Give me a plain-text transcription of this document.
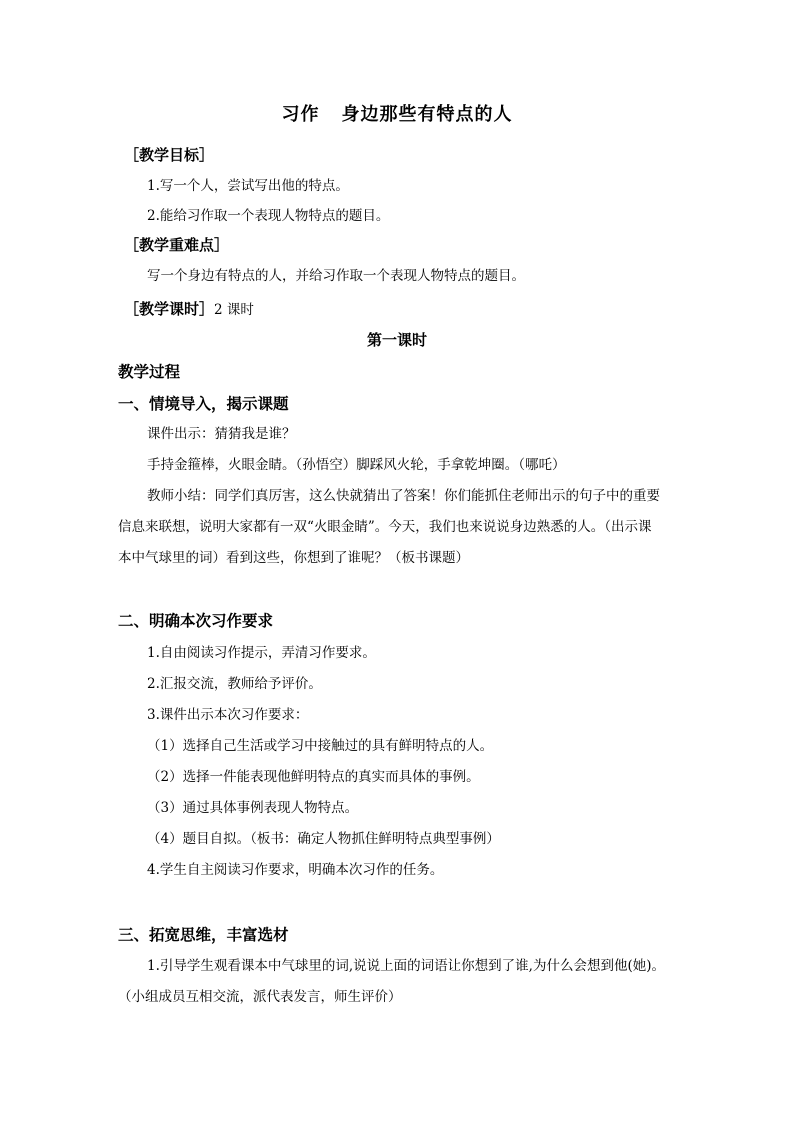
习作 身边那些有特点的人
［教学目标］
1.写一个人，尝试写出他的特点。
2.能给习作取一个表现人物特点的题目。
［教学重难点］
写一个身边有特点的人，并给习作取一个表现人物特点的题目。
［教学课时］2 课时
第一课时
教学过程
一、情境导入，揭示课题
课件出示：猜猜我是谁？
手持金箍棒，火眼金睛。（孙悟空）脚踩风火轮，手拿乾坤圈。（哪吒）
教师小结：同学们真厉害，这么快就猜出了答案！你们能抓住老师出示的句子中的重要
信息来联想，说明大家都有一双“火眼金睛”。今天，我们也来说说身边熟悉的人。（出示课
本中气球里的词）看到这些，你想到了谁呢？（板书课题）
二、明确本次习作要求
1.自由阅读习作提示，弄清习作要求。
2.汇报交流，教师给予评价。
3.课件出示本次习作要求：
（1）选择自己生活或学习中接触过的具有鲜明特点的人。
（2）选择一件能表现他鲜明特点的真实而具体的事例。
（3）通过具体事例表现人物特点。
（4）题目自拟。（板书：确定人物抓住鲜明特点典型事例）
4.学生自主阅读习作要求，明确本次习作的任务。
三、拓宽思维，丰富选材
1.引导学生观看课本中气球里的词,说说上面的词语让你想到了谁,为什么会想到他(她)。
（小组成员互相交流，派代表发言，师生评价）
